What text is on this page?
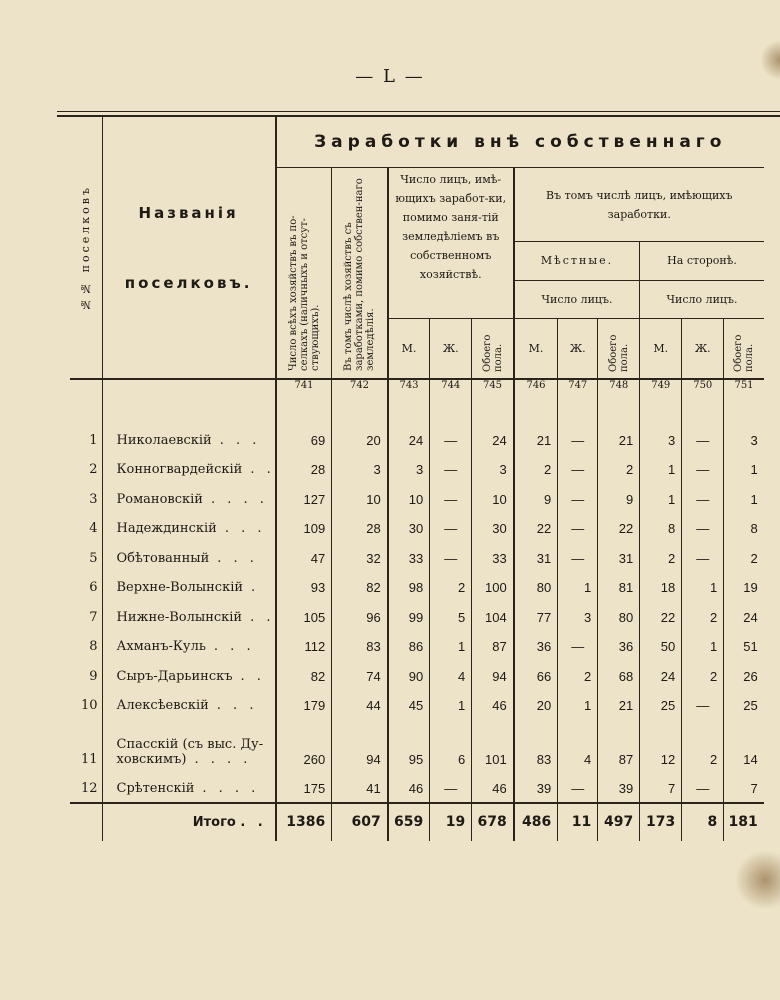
— L —
№№ поселковъ	Названія
поселковъ.	Заработки внѣ собственнаго										

		Число всѣхъ хозяйствъ въ по-селкахъ (наличныхъ и отсут-ствующихъ).	Въ томъ числѣ хозяйствъ съ заработками, помимо собствен-наго земледѣлія.	Число лицъ, имѣ-ющихъ заработ-ки, помимо заня-тій земледѣліемъ въ собственномъ хозяйствѣ.			Въ томъ числѣ лицъ, имѣющихъ заработки.					
							Мѣстные.			На сторонѣ.		
							Число лицъ.			Число лицъ.		
				М.	Ж.	Обоего пола.	М.	Ж.	Обоего пола.	М.	Ж.	Обоего пола.

		741	742	743	744	745	746	747	748	749	750	751
1	Николаевскій . . .	69	20	24	—	24	21	—	21	3	—	3
2	Конногвардейскій . .	28	3	3	—	3	2	—	2	1	—	1
3	Романовскій . . . .	127	10	10	—	10	9	—	9	1	—	1
4	Надеждинскій . . .	109	28	30	—	30	22	—	22	8	—	8
5	Обѣтованный . . .	47	32	33	—	33	31	—	31	2	—	2
6	Верхне-Волынскій .	93	82	98	2	100	80	1	81	18	1	19
7	Нижне-Волынскій . .	105	96	99	5	104	77	3	80	22	2	24
8	Ахманъ-Куль . . .	112	83	86	1	87	36	—	36	50	1	51
9	Сыръ-Дарьинскъ . .	82	74	90	4	94	66	2	68	24	2	26
10	Алексѣевскій . . .	179	44	45	1	46	20	1	21	25	—	25
11	Спасскій (съ выс. Ду-
ховскимъ) . . . .	260	94	95	6	101	83	4	87	12	2	14
12	Срѣтенскій . . . .	175	41	46	—	46	39	—	39	7	—	7
	Итого . .	1386	607	659	19	678	486	11	497	173	8	181
